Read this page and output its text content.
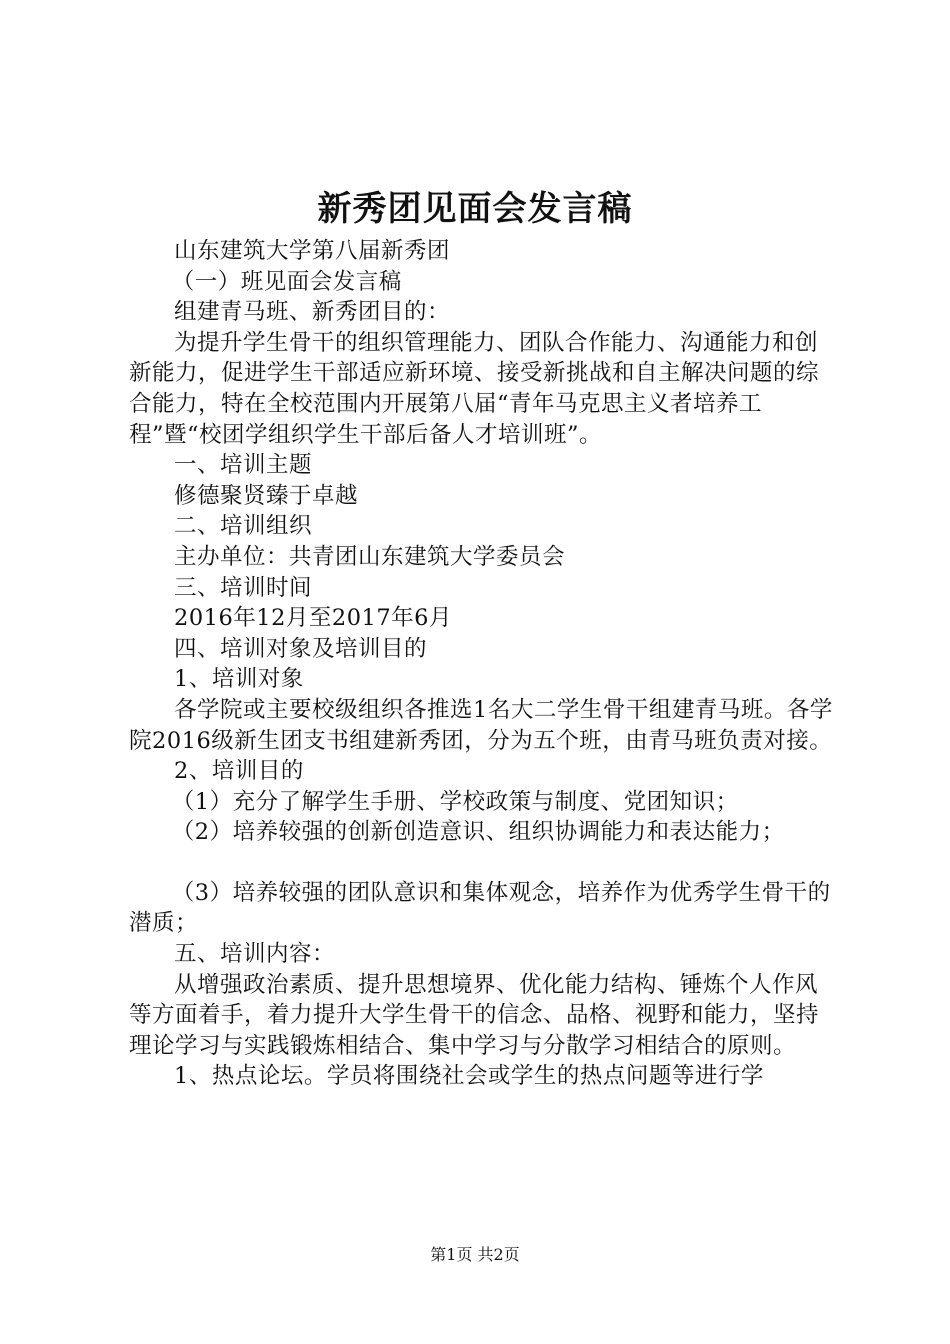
新秀团见面会发言稿

山东建筑大学第八届新秀团

（一）班见面会发言稿

组建青马班、新秀团目的：

为提升学生骨干的组织管理能力、团队合作能力、沟通能力和创新能力，促进学生干部适应新环境、接受新挑战和自主解决问题的综合能力，特在全校范围内开展第八届“青年马克思主义者培养工程”暨“校团学组织学生干部后备人才培训班”。

一、培训主题

修德聚贤臻于卓越

二、培训组织

主办单位：共青团山东建筑大学委员会

三、培训时间

2016年12月至2017年6月

四、培训对象及培训目的

1、培训对象

各学院或主要校级组织各推选1名大二学生骨干组建青马班。各学院2016级新生团支书组建新秀团，分为五个班，由青马班负责对接。

2、培训目的

（1）充分了解学生手册、学校政策与制度、党团知识；

（2）培养较强的创新创造意识、组织协调能力和表达能力；

（3）培养较强的团队意识和集体观念，培养作为优秀学生骨干的潜质；

五、培训内容：

从增强政治素质、提升思想境界、优化能力结构、锤炼个人作风等方面着手，着力提升大学生骨干的信念、品格、视野和能力，坚持理论学习与实践锻炼相结合、集中学习与分散学习相结合的原则。

1、热点论坛。学员将围绕社会或学生的热点问题等进行学

第1页 共2页
